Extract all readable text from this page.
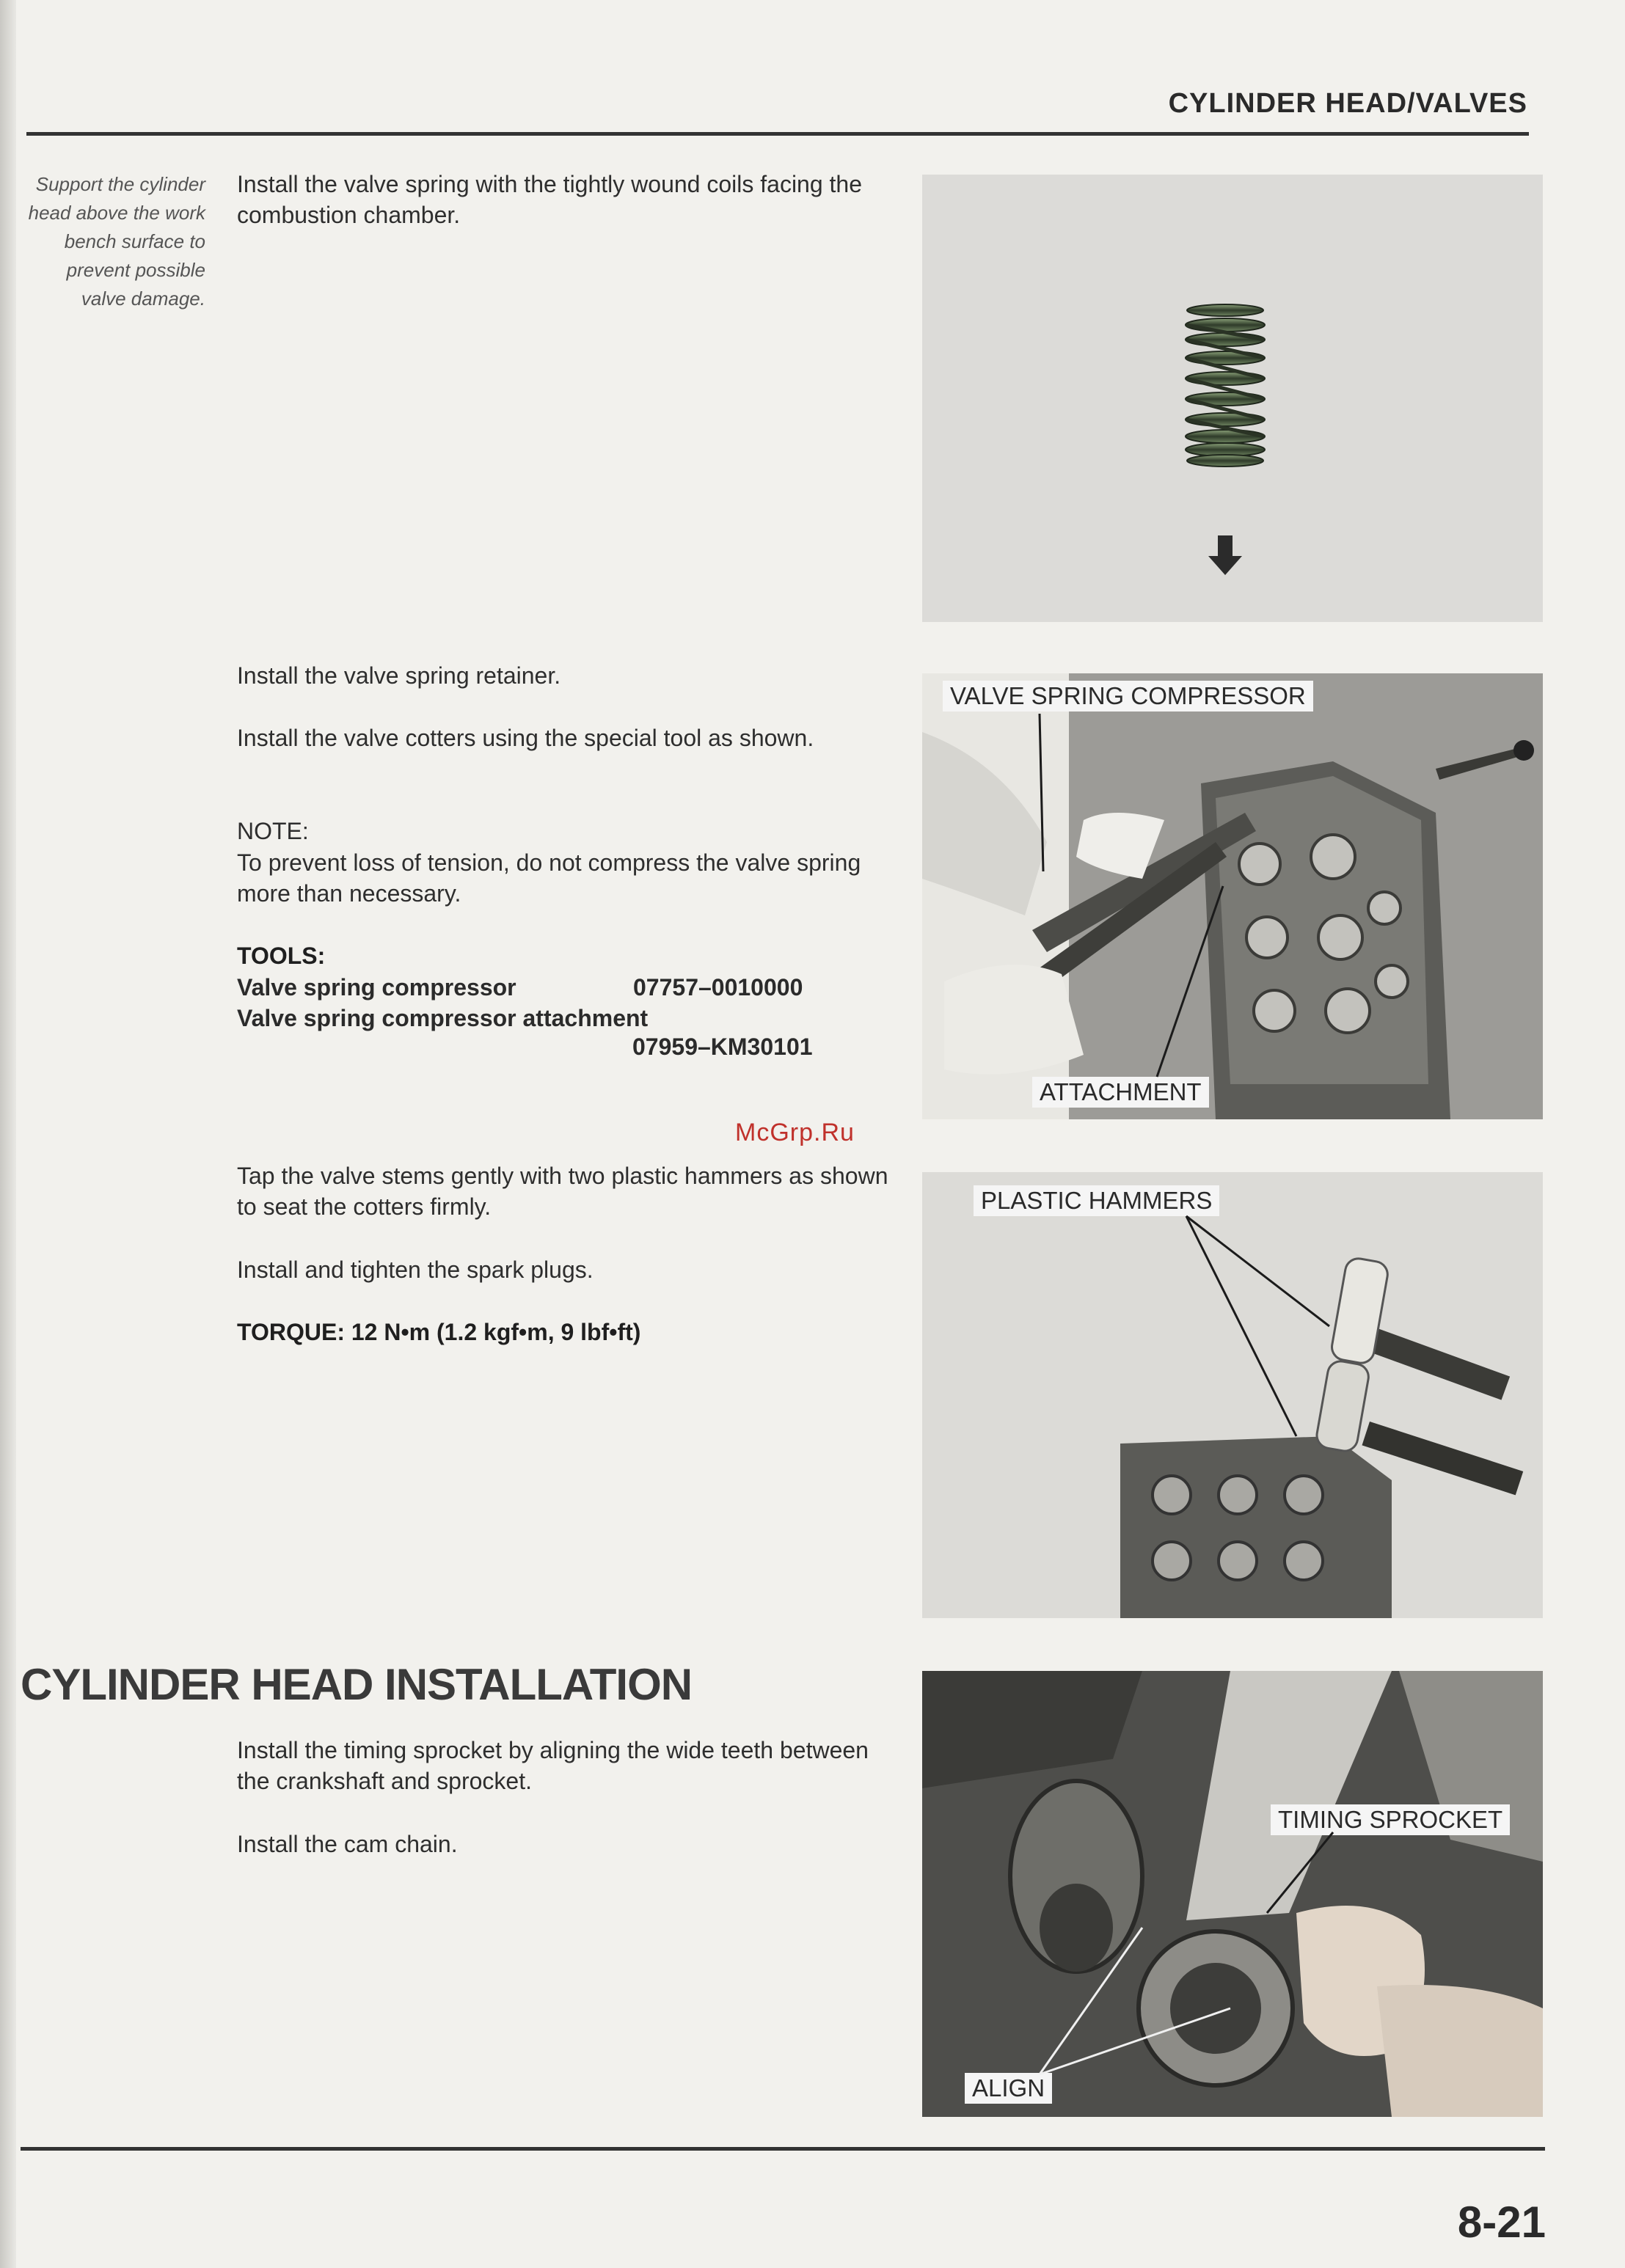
CYLINDER HEAD/VALVES
Support the cylinder head above the work bench surface to prevent possible valve damage.

Install the valve spring with the tightly wound coils facing the combustion chamber.

Install the valve spring retainer.

Install the valve cotters using the special tool as shown.

NOTE:

To prevent loss of tension, do not compress the valve spring more than necessary.

TOOLS:

Valve spring compressor	07757–0010000
Valve spring compressor attachment
07959–KM30101
McGrp.Ru

Tap the valve stems gently with two plastic hammers as shown to seat the cotters firmly.

Install and tighten the spark plugs.

TORQUE: 12 N•m (1.2 kgf•m, 9 lbf•ft)

CYLINDER HEAD INSTALLATION

Install the timing sprocket by aligning the wide teeth between the crankshaft and sprocket.

Install the cam chain.

VALVE SPRING COMPRESSOR
ATTACHMENT
PLASTIC HAMMERS
TIMING SPROCKET
ALIGN
8-21
